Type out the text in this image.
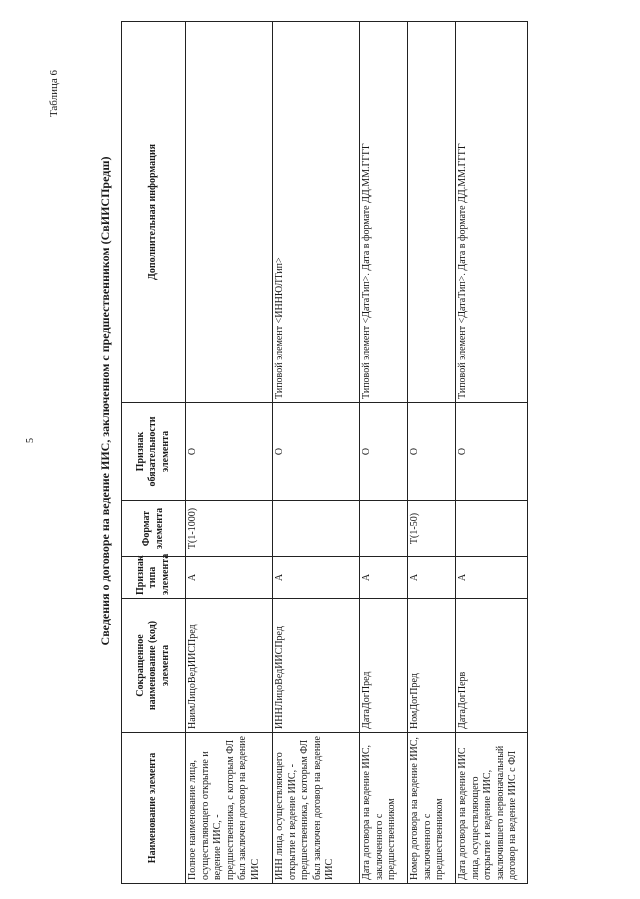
5
Таблица 6
Сведения о договоре на ведение ИИС, заключенном с предшественником (СвИИСПредш)
Наименование элемента	Сокращенное наименование (код) элемента	Признак типа элемента	Формат элемента	Признак обязательности элемента	Дополнительная информация
Полное наименование лица, осуществляющего открытие и ведение ИИС, - предшественника, с которым ФЛ был заключен договор на ведение ИИС	НаимЛицоВедИИСПред	А	Т(1-1000)	О	
ИНН лица, осуществляющего открытие и ведение ИИС, - предшественника, с которым ФЛ был заключен договор на ведение ИИС	ИННЛицоВедИИСПред	А		О	Типовой элемент <ИННЮЛТип>
Дата договора на ведение ИИС, заключенного с предшественником	ДатаДогПред	А		О	Типовой элемент <ДатаТип>. Дата в формате ДД.ММ.ГГГГ
Номер договора на ведение ИИС, заключенного с предшественником	НомДогПред	А	Т(1-50)	О	
Дата договора на ведение ИИС лица, осуществляющего открытие и ведение ИИС, заключившего первоначальный договор на ведение ИИС с ФЛ	ДатаДогПерв	А		О	Типовой элемент <ДатаТип>. Дата в формате ДД.ММ.ГГГГ
